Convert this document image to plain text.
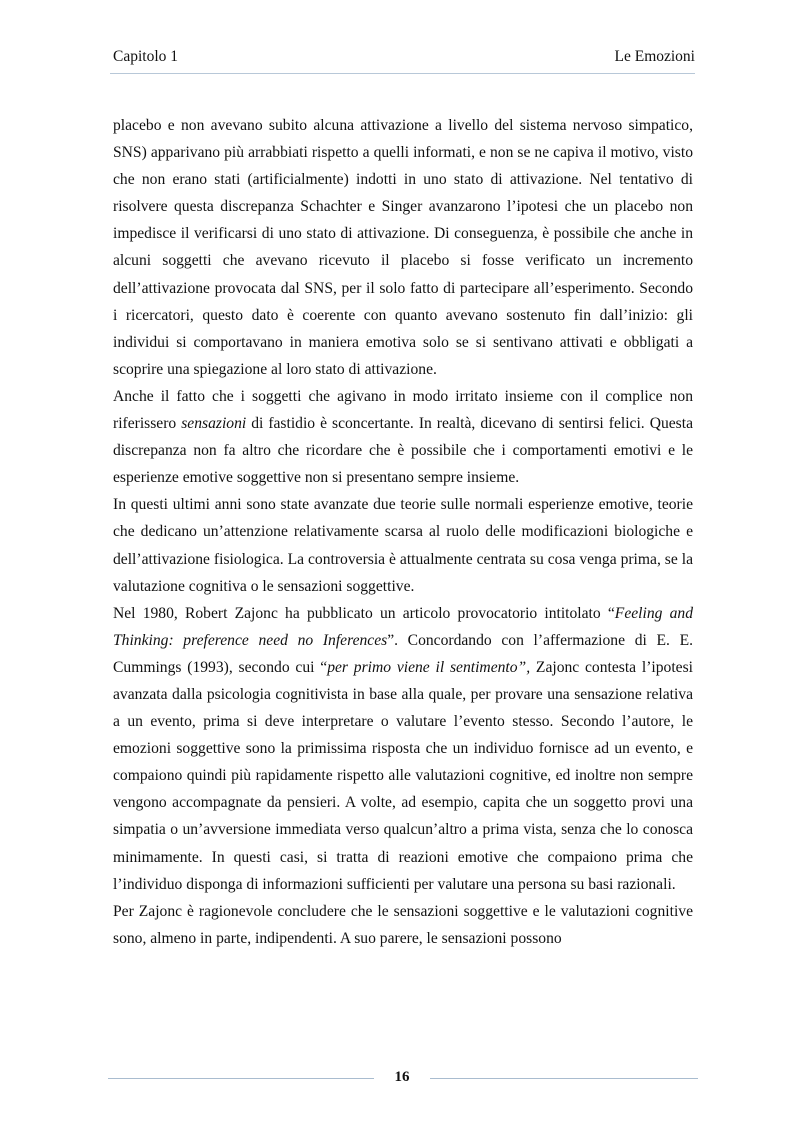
Capitolo 1	Le Emozioni

placebo e non avevano subito alcuna attivazione a livello del sistema nervoso simpatico, SNS) apparivano più arrabbiati rispetto a quelli informati, e non se ne capiva il motivo, visto che non erano stati (artificialmente) indotti in uno stato di attivazione. Nel tentativo di risolvere questa discrepanza Schachter e Singer avanzarono l’ipotesi che un placebo non impedisce il verificarsi di uno stato di attivazione. Di conseguenza, è possibile che anche in alcuni soggetti che avevano ricevuto il placebo si fosse verificato un incremento dell’attivazione provocata dal SNS, per il solo fatto di partecipare all’esperimento. Secondo i ricercatori, questo dato è coerente con quanto avevano sostenuto fin dall’inizio: gli individui si comportavano in maniera emotiva solo se si sentivano attivati e obbligati a scoprire una spiegazione al loro stato di attivazione.

Anche il fatto che i soggetti che agivano in modo irritato insieme con il complice non riferissero sensazioni di fastidio è sconcertante. In realtà, dicevano di sentirsi felici. Questa discrepanza non fa altro che ricordare che è possibile che i comportamenti emotivi e le esperienze emotive soggettive non si presentano sempre insieme.

In questi ultimi anni sono state avanzate due teorie sulle normali esperienze emotive, teorie che dedicano un’attenzione relativamente scarsa al ruolo delle modificazioni biologiche e dell’attivazione fisiologica. La controversia è attualmente centrata su cosa venga prima, se la valutazione cognitiva o le sensazioni soggettive.

Nel 1980, Robert Zajonc ha pubblicato un articolo provocatorio intitolato “Feeling and Thinking: preference need no Inferences”. Concordando con l’affermazione di E. E. Cummings (1993), secondo cui “per primo viene il sentimento”, Zajonc contesta l’ipotesi avanzata dalla psicologia cognitivista in base alla quale, per provare una sensazione relativa a un evento, prima si deve interpretare o valutare l’evento stesso. Secondo l’autore, le emozioni soggettive sono la primissima risposta che un individuo fornisce ad un evento, e compaiono quindi più rapidamente rispetto alle valutazioni cognitive, ed inoltre non sempre vengono accompagnate da pensieri. A volte, ad esempio, capita che un soggetto provi una simpatia o un’avversione immediata verso qualcun’altro a prima vista, senza che lo conosca minimamente. In questi casi, si tratta di reazioni emotive che compaiono prima che l’individuo disponga di informazioni sufficienti per valutare una persona su basi razionali.

Per Zajonc è ragionevole concludere che le sensazioni soggettive e le valutazioni cognitive sono, almeno in parte, indipendenti. A suo parere, le sensazioni possono

16
